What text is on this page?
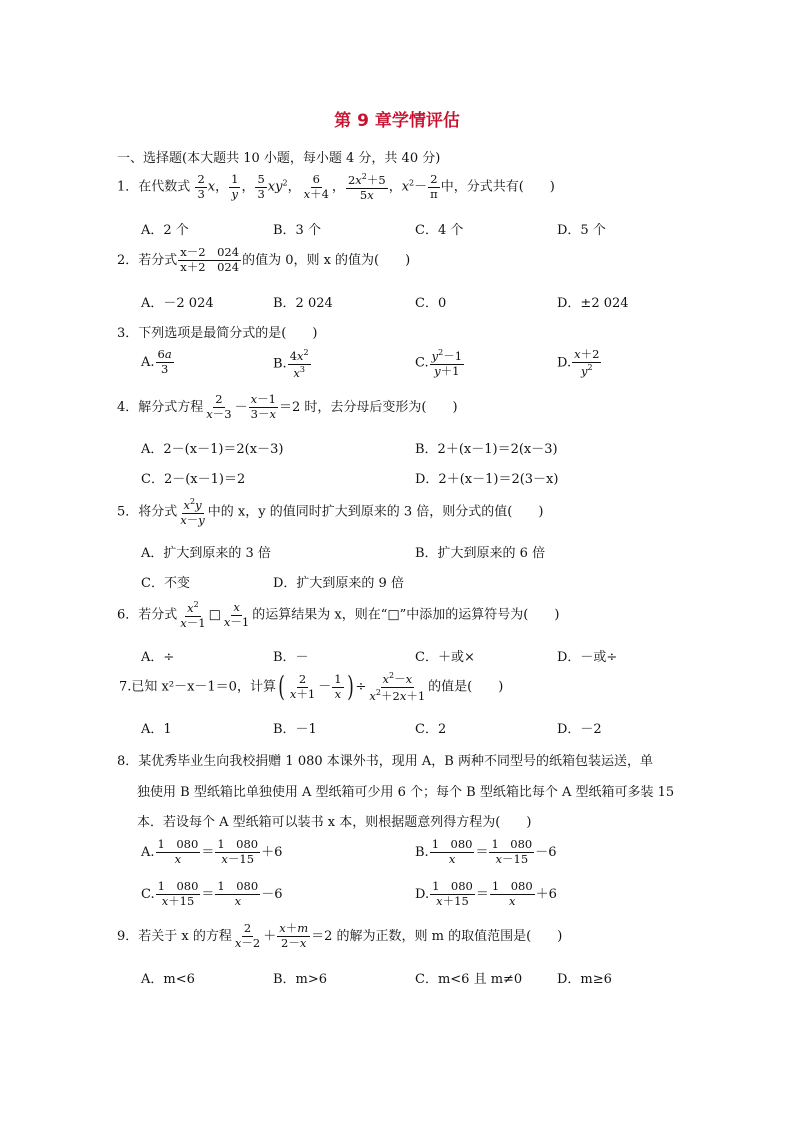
第 9 章学情评估
一、选择题(本大题共 10 小题，每小题 4 分，共 40 分)
1．在代数式 $\frac{2}{3}$ x， $\frac{1}{y}$ ， $\frac{5}{3} xy^2$， $\frac{6}{x+4}$ ， $\frac{2x^2+5}{5x}$ ，$x^2- \frac{2}{\pi}$ 中，分式共有(　　)
A．2 个	B．3 个	C．4 个	D．5 个
2．若分式 $\frac{x-2 024}{x+2 024}$ 的值为 0，则 x 的值为(　　)
A．－2 024	B．2 024	C．0	D．±2 024
3．下列选项是最简分式的是(　　)
A. $\frac{6a}{3}$	B. $\frac{4x^2}{x^3}$	C. $\frac{y^2-1}{y+1}$	D. $\frac{x+2}{y^2}$
4．解分式方程 $\frac{2}{x-3} - \frac{x-1}{3-x} =2$ 时，去分母后变形为(　　)
A．2－(x－1)＝2(x－3)	B．2＋(x－1)＝2(x－3)
C．2－(x－1)＝2	D．2＋(x－1)＝2(3－x)
5．将分式 $\frac{x^2y}{x-y}$ 中的 x，y 的值同时扩大到原来的 3 倍，则分式的值(　　)
A．扩大到原来的 3 倍	B．扩大到原来的 6 倍
C．不变	D．扩大到原来的 9 倍
6．若分式 $\frac{x^2}{x-1}$ □ $\frac{x}{x-1}$ 的运算结果为 x，则在“□”中添加的运算符号为(　　)
A．÷	B．－	C．＋或×	D．－或÷
7.已知 x²－x－1＝0，计算( $\frac{2}{x+1} - \frac{1}{x}$ ) ÷ $\frac{x^2-x}{x^2+2x+1}$ 的值是(　　)
A．1	B．－1	C．2	D．－2
8．某优秀毕业生向我校捐赠 1 080 本课外书，现用 A，B 两种不同型号的纸箱包装运送，单
独使用 B 型纸箱比单独使用 A 型纸箱可少用 6 个；每个 B 型纸箱比每个 A 型纸箱可多装 15
本．若设每个 A 型纸箱可以装书 x 本，则根据题意列得方程为(　　)
A. $\frac{1 080}{x} = \frac{1 080}{x-15} +6$	B. $\frac{1 080}{x} = \frac{1 080}{x-15} -6$
C. $\frac{1 080}{x+15} = \frac{1 080}{x} -6$	D. $\frac{1 080}{x+15} = \frac{1 080}{x} +6$
9．若关于 x 的方程 $\frac{2}{x-2} + \frac{x+m}{2-x} =2$ 的解为正数，则 m 的取值范围是(　　)
A．m<6	B．m>6	C．m<6 且 m≠0	D．m≥6
